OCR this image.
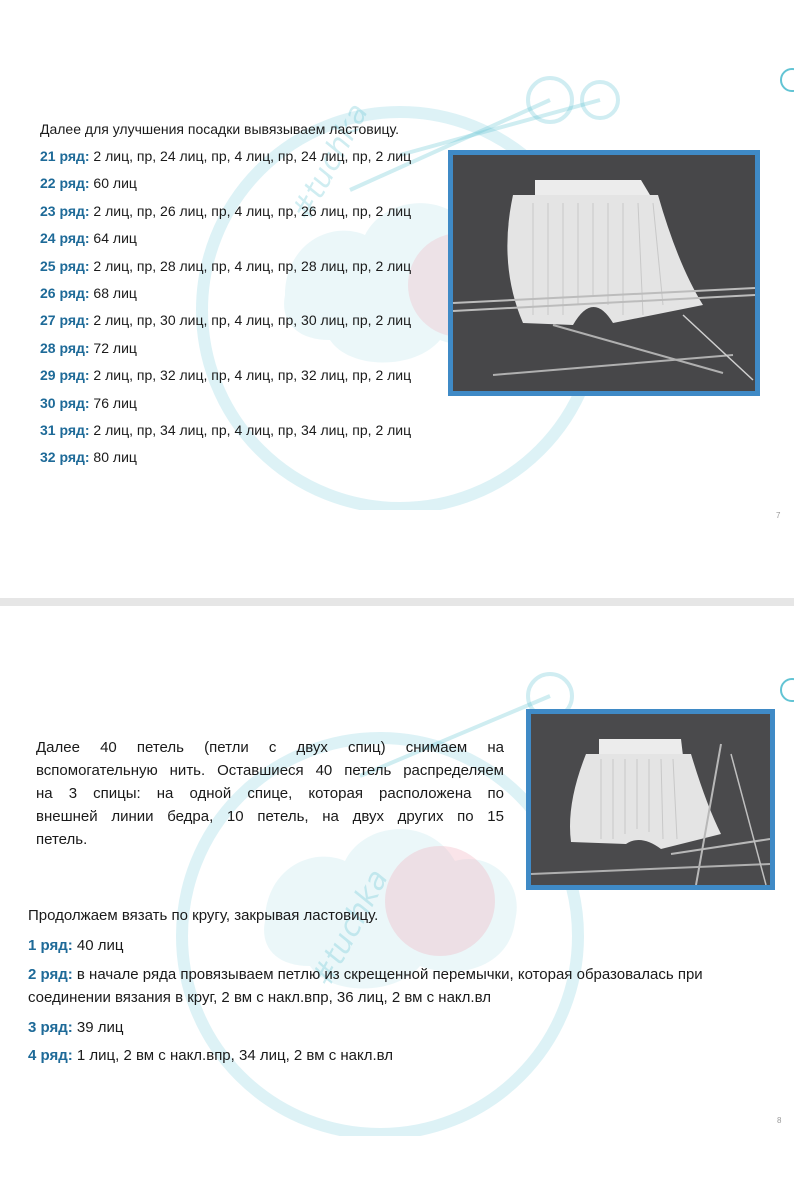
#tuchka
Далее для улучшения посадки вывязываем ластовицу.
21 ряд: 2 лиц, пр, 24 лиц, пр, 4 лиц, пр, 24 лиц, пр, 2 лиц
22 ряд: 60 лиц
23 ряд: 2 лиц, пр, 26 лиц, пр, 4 лиц, пр, 26 лиц, пр, 2 лиц
24 ряд: 64 лиц
25 ряд: 2 лиц, пр, 28 лиц, пр, 4 лиц, пр, 28 лиц, пр, 2 лиц
26 ряд: 68 лиц
27 ряд: 2 лиц, пр, 30 лиц, пр, 4 лиц, пр, 30 лиц, пр, 2 лиц
28 ряд: 72 лиц
29 ряд: 2 лиц, пр, 32 лиц, пр, 4 лиц, пр, 32 лиц, пр, 2 лиц
30 ряд: 76 лиц
31 ряд: 2 лиц, пр, 34 лиц, пр, 4 лиц, пр, 34 лиц, пр, 2 лиц
32 ряд: 80 лиц
7
#tuchka
Далее 40 петель (петли с двух спиц) снимаем на
вспомогательную нить. Оставшиеся 40 петель распределяем
на 3 спицы: на одной спице, которая расположена по
внешней линии бедра, 10 петель, на двух других по 15
петель.
Продолжаем вязать по кругу, закрывая ластовицу.
1 ряд: 40 лиц
2 ряд: в начале ряда провязываем петлю из скрещенной перемычки, которая образовалась при соединении вязания в круг, 2 вм с накл.впр, 36 лиц, 2 вм с накл.вл
3 ряд: 39 лиц
4 ряд: 1 лиц, 2 вм с накл.впр, 34 лиц, 2 вм с накл.вл
8
